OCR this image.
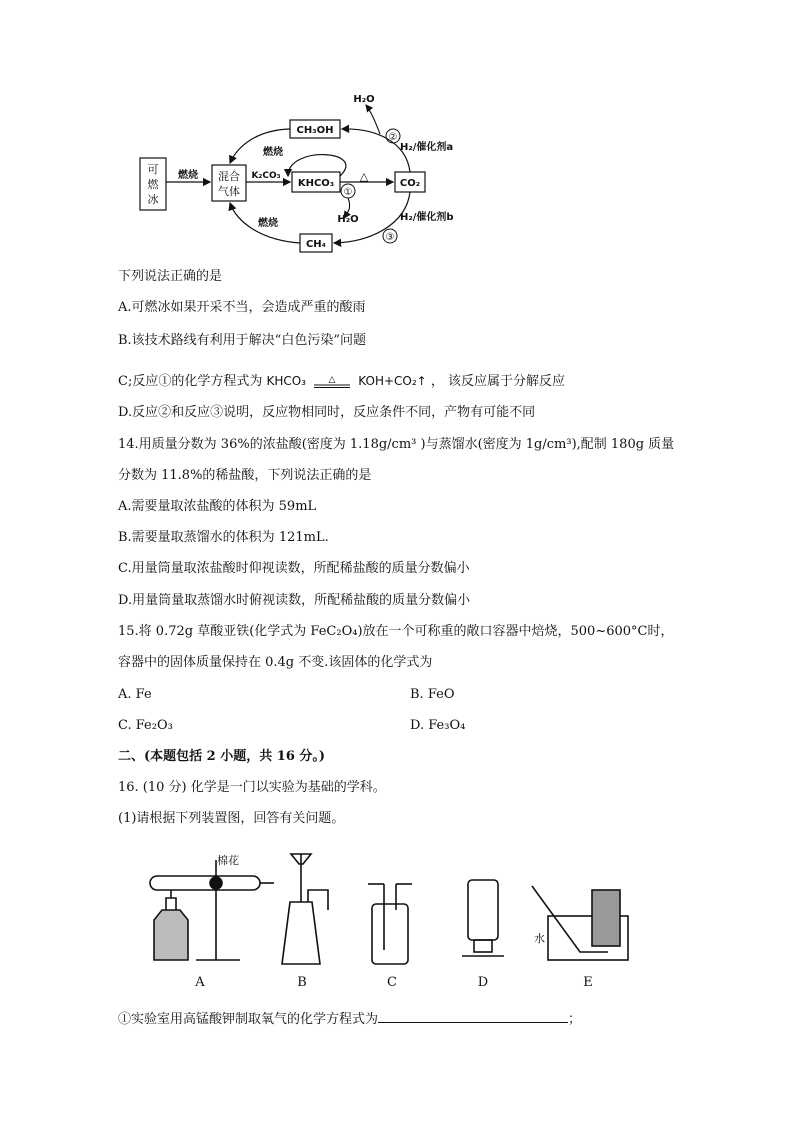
可
燃
冰
燃烧 混合
气体
K₂CO₃
KHCO₃
△
①
燃烧
H₂O
CO₂
CH₃OH
H₂O
②
H₂/催化剂a
CH₄
燃烧
③
H₂/催化剂b
下列说法正确的是
A.可燃冰如果开采不当，会造成严重的酸雨
B.该技术路线有利用于解决“白色污染”问题
C;反应①的化学方程式为 KHCO₃	△ KOH+CO₂↑ ， 该反应属于分解反应
D.反应②和反应③说明，反应物相同时，反应条件不同，产物有可能不同
14.用质量分数为 36%的浓盐酸(密度为 1.18g/cm³ )与蒸馏水(密度为 1g/cm³),配制 180g 质量
分数为 11.8%的稀盐酸，下列说法正确的是
A.需要量取浓盐酸的体积为 59mL
B.需要量取蒸馏水的体积为 121mL.
C.用量筒量取浓盐酸时仰视读数，所配稀盐酸的质量分数偏小
D.用量筒量取蒸馏水时俯视读数，所配稀盐酸的质量分数偏小
15.将 0.72g 草酸亚铁(化学式为 FeC₂O₄)放在一个可称重的敞口容器中焙烧，500~600°C时，
容器中的固体质量保持在 0.4g 不变.该固体的化学式为
A. Fe	B. FeO
C. Fe₂O₃	D. Fe₃O₄
二、(本题包括 2 小题，共 16 分。)
16. (10 分) 化学是一门以实验为基础的学科。
(1)请根据下列装置图，回答有关问题。
棉花
水
A	B	C	D	E
①实验室用高锰酸钾制取氧气的化学方程式为	；
